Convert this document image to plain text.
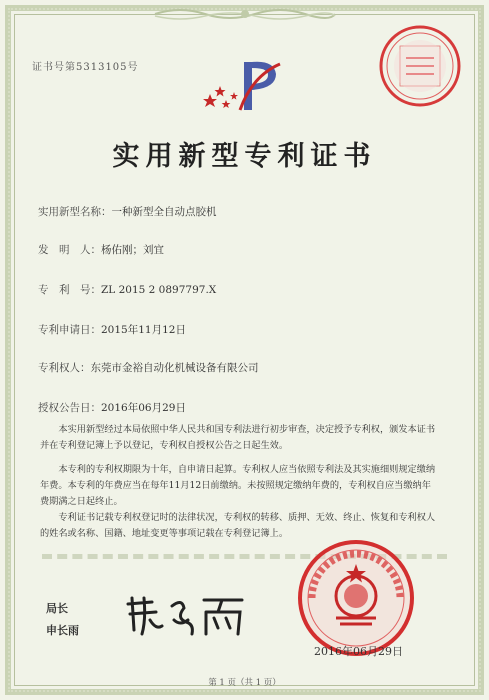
证书号第5313105号
实用新型专利证书
实用新型名称：一种新型全自动点胶机
发　明　人：杨佑刚；刘宜
专　利　号：ZL 2015 2 0897797.X
专利申请日：2015年11月12日
专利权人：东莞市金裕自动化机械设备有限公司
授权公告日：2016年06月29日
本实用新型经过本局依照中华人民共和国专利法进行初步审查，决定授予专利权，颁发本证书并在专利登记簿上予以登记，专利权自授权公告之日起生效。
本专利的专利权期限为十年，自申请日起算。专利权人应当依照专利法及其实施细则规定缴纳年费。本专利的年费应当在每年11月12日前缴纳。未按照规定缴纳年费的，专利权自应当缴纳年费期满之日起终止。
专利证书记载专利权登记时的法律状况，专利权的转移、质押、无效、终止、恢复和专利权人的姓名或名称、国籍、地址变更等事项记载在专利登记簿上。
局长
申长雨
2016年06月29日
第 1 页（共 1 页）
